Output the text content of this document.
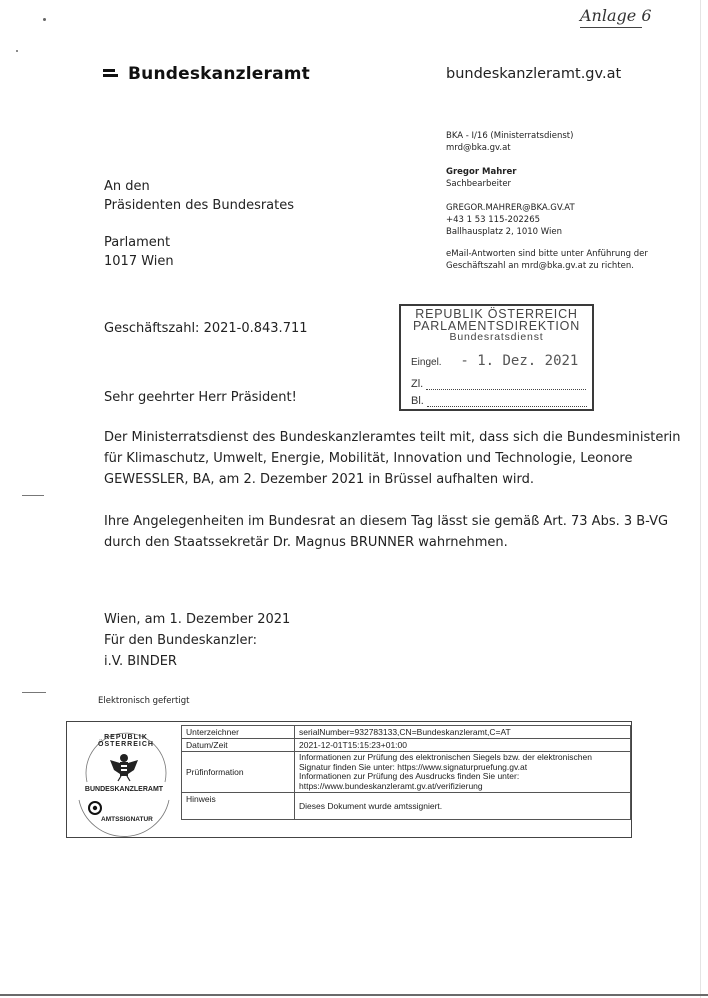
Anlage 6
Bundeskanzleramt	bundeskanzleramt.gv.at
BKA - I/16 (Ministerratsdienst)
mrd@bka.gv.at
Gregor Mahrer
Sachbearbeiter
GREGOR.MAHRER@BKA.GV.AT
+43 1 53 115-202265
Ballhausplatz 2, 1010 Wien
eMail-Antworten sind bitte unter Anführung der
Geschäftszahl an mrd@bka.gv.at zu richten.
An den
Präsidenten des Bundesrates
Parlament
1017 Wien
Geschäftszahl: 2021-0.843.711
REPUBLIK ÖSTERREICH
PARLAMENTSDIREKTION
Bundesratsdienst
Eingel. - 1. Dez. 2021
Zl.
Bl.
Sehr geehrter Herr Präsident!
Der Ministerratsdienst des Bundeskanzleramtes teilt mit, dass sich die Bundesministerin
für Klimaschutz, Umwelt, Energie, Mobilität, Innovation und Technologie, Leonore
GEWESSLER, BA, am 2. Dezember 2021 in Brüssel aufhalten wird.
Ihre Angelegenheiten im Bundesrat an diesem Tag lässt sie gemäß Art. 73 Abs. 3 B-VG
durch den Staatssekretär Dr. Magnus BRUNNER wahrnehmen.
Wien, am 1. Dezember 2021
Für den Bundeskanzler:
i.V. BINDER
Elektronisch gefertigt
REPUBLIK ÖSTERREICH
BUNDESKANZLERAMT
AMTSSIGNATUR
Unterzeichner	serialNumber=932783133,CN=Bundeskanzleramt,C=AT
Datum/Zeit	2021-12-01T15:15:23+01:00
Prüfinformation	Informationen zur Prüfung des elektronischen Siegels bzw. der elektronischen
Signatur finden Sie unter: https://www.signaturpruefung.gv.at
Informationen zur Prüfung des Ausdrucks finden Sie unter:
https://www.bundeskanzleramt.gv.at/verifizierung

Hinweis	Dieses Dokument wurde amtssigniert.
